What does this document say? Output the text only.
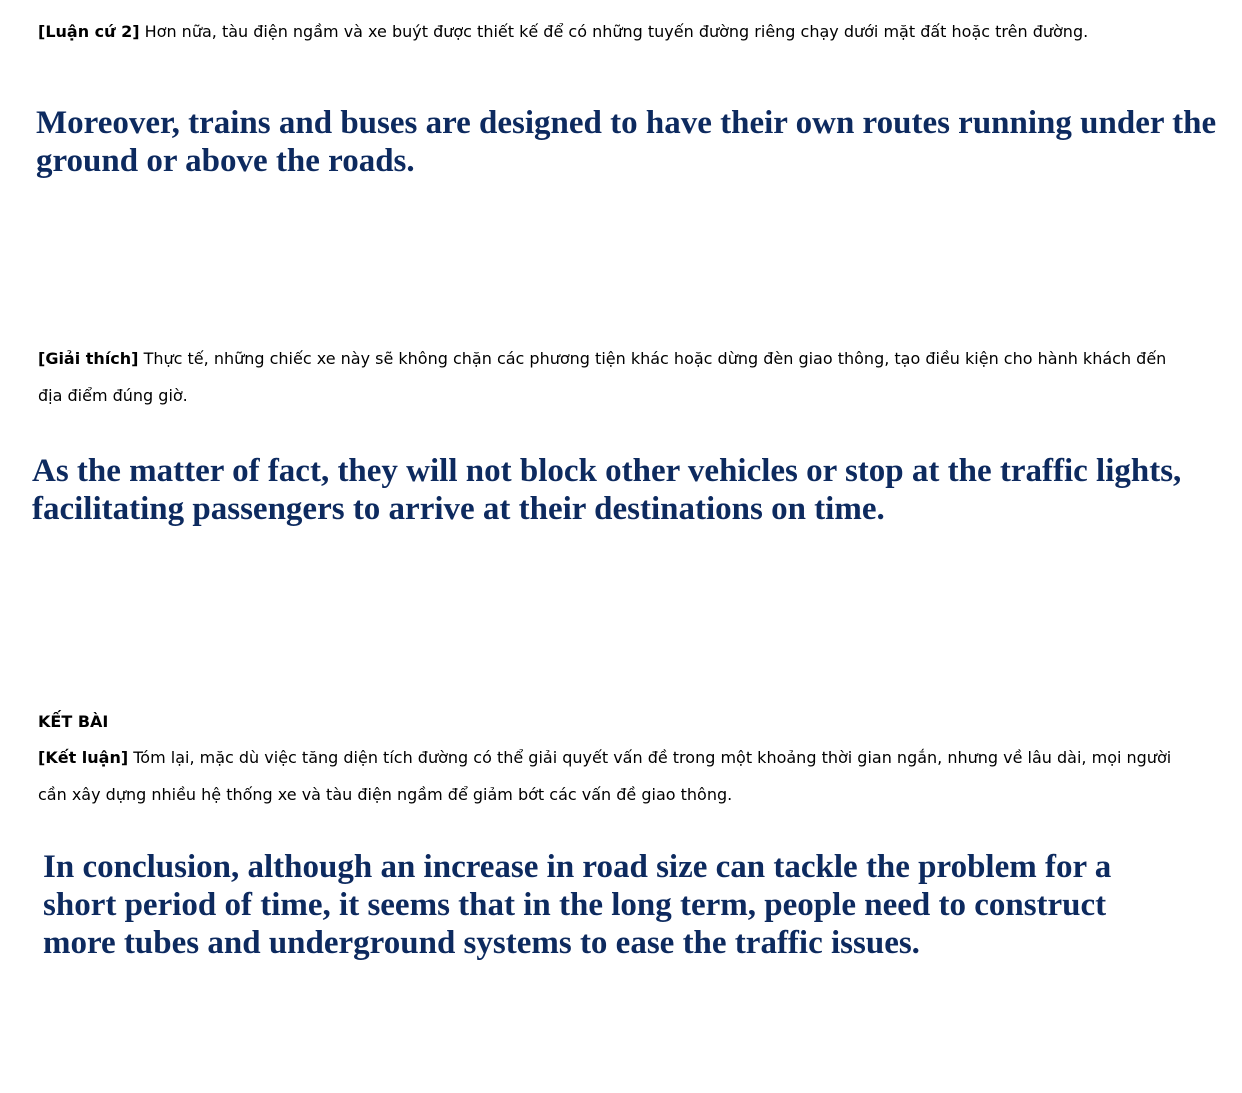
[Luận cứ 2] Hơn nữa, tàu điện ngầm và xe buýt được thiết kế để có những tuyến đường riêng chạy dưới mặt đất hoặc trên đường.

Moreover, trains and buses are designed to have their own routes running under the ground or above the roads.

[Giải thích] Thực tế, những chiếc xe này sẽ không chặn các phương tiện khác hoặc dừng đèn giao thông, tạo điều kiện cho hành khách đến địa điểm đúng giờ.

As the matter of fact, they will not block other vehicles or stop at the traffic lights, facilitating passengers to arrive at their destinations on time.

KẾT BÀI

[Kết luận] Tóm lại, mặc dù việc tăng diện tích đường có thể giải quyết vấn đề trong một khoảng thời gian ngắn, nhưng về lâu dài, mọi người cần xây dựng nhiều hệ thống xe và tàu điện ngầm để giảm bớt các vấn đề giao thông.

In conclusion, although an increase in road size can tackle the problem for a short period of time, it seems that in the long term, people need to construct more tubes and underground systems to ease the traffic issues.
